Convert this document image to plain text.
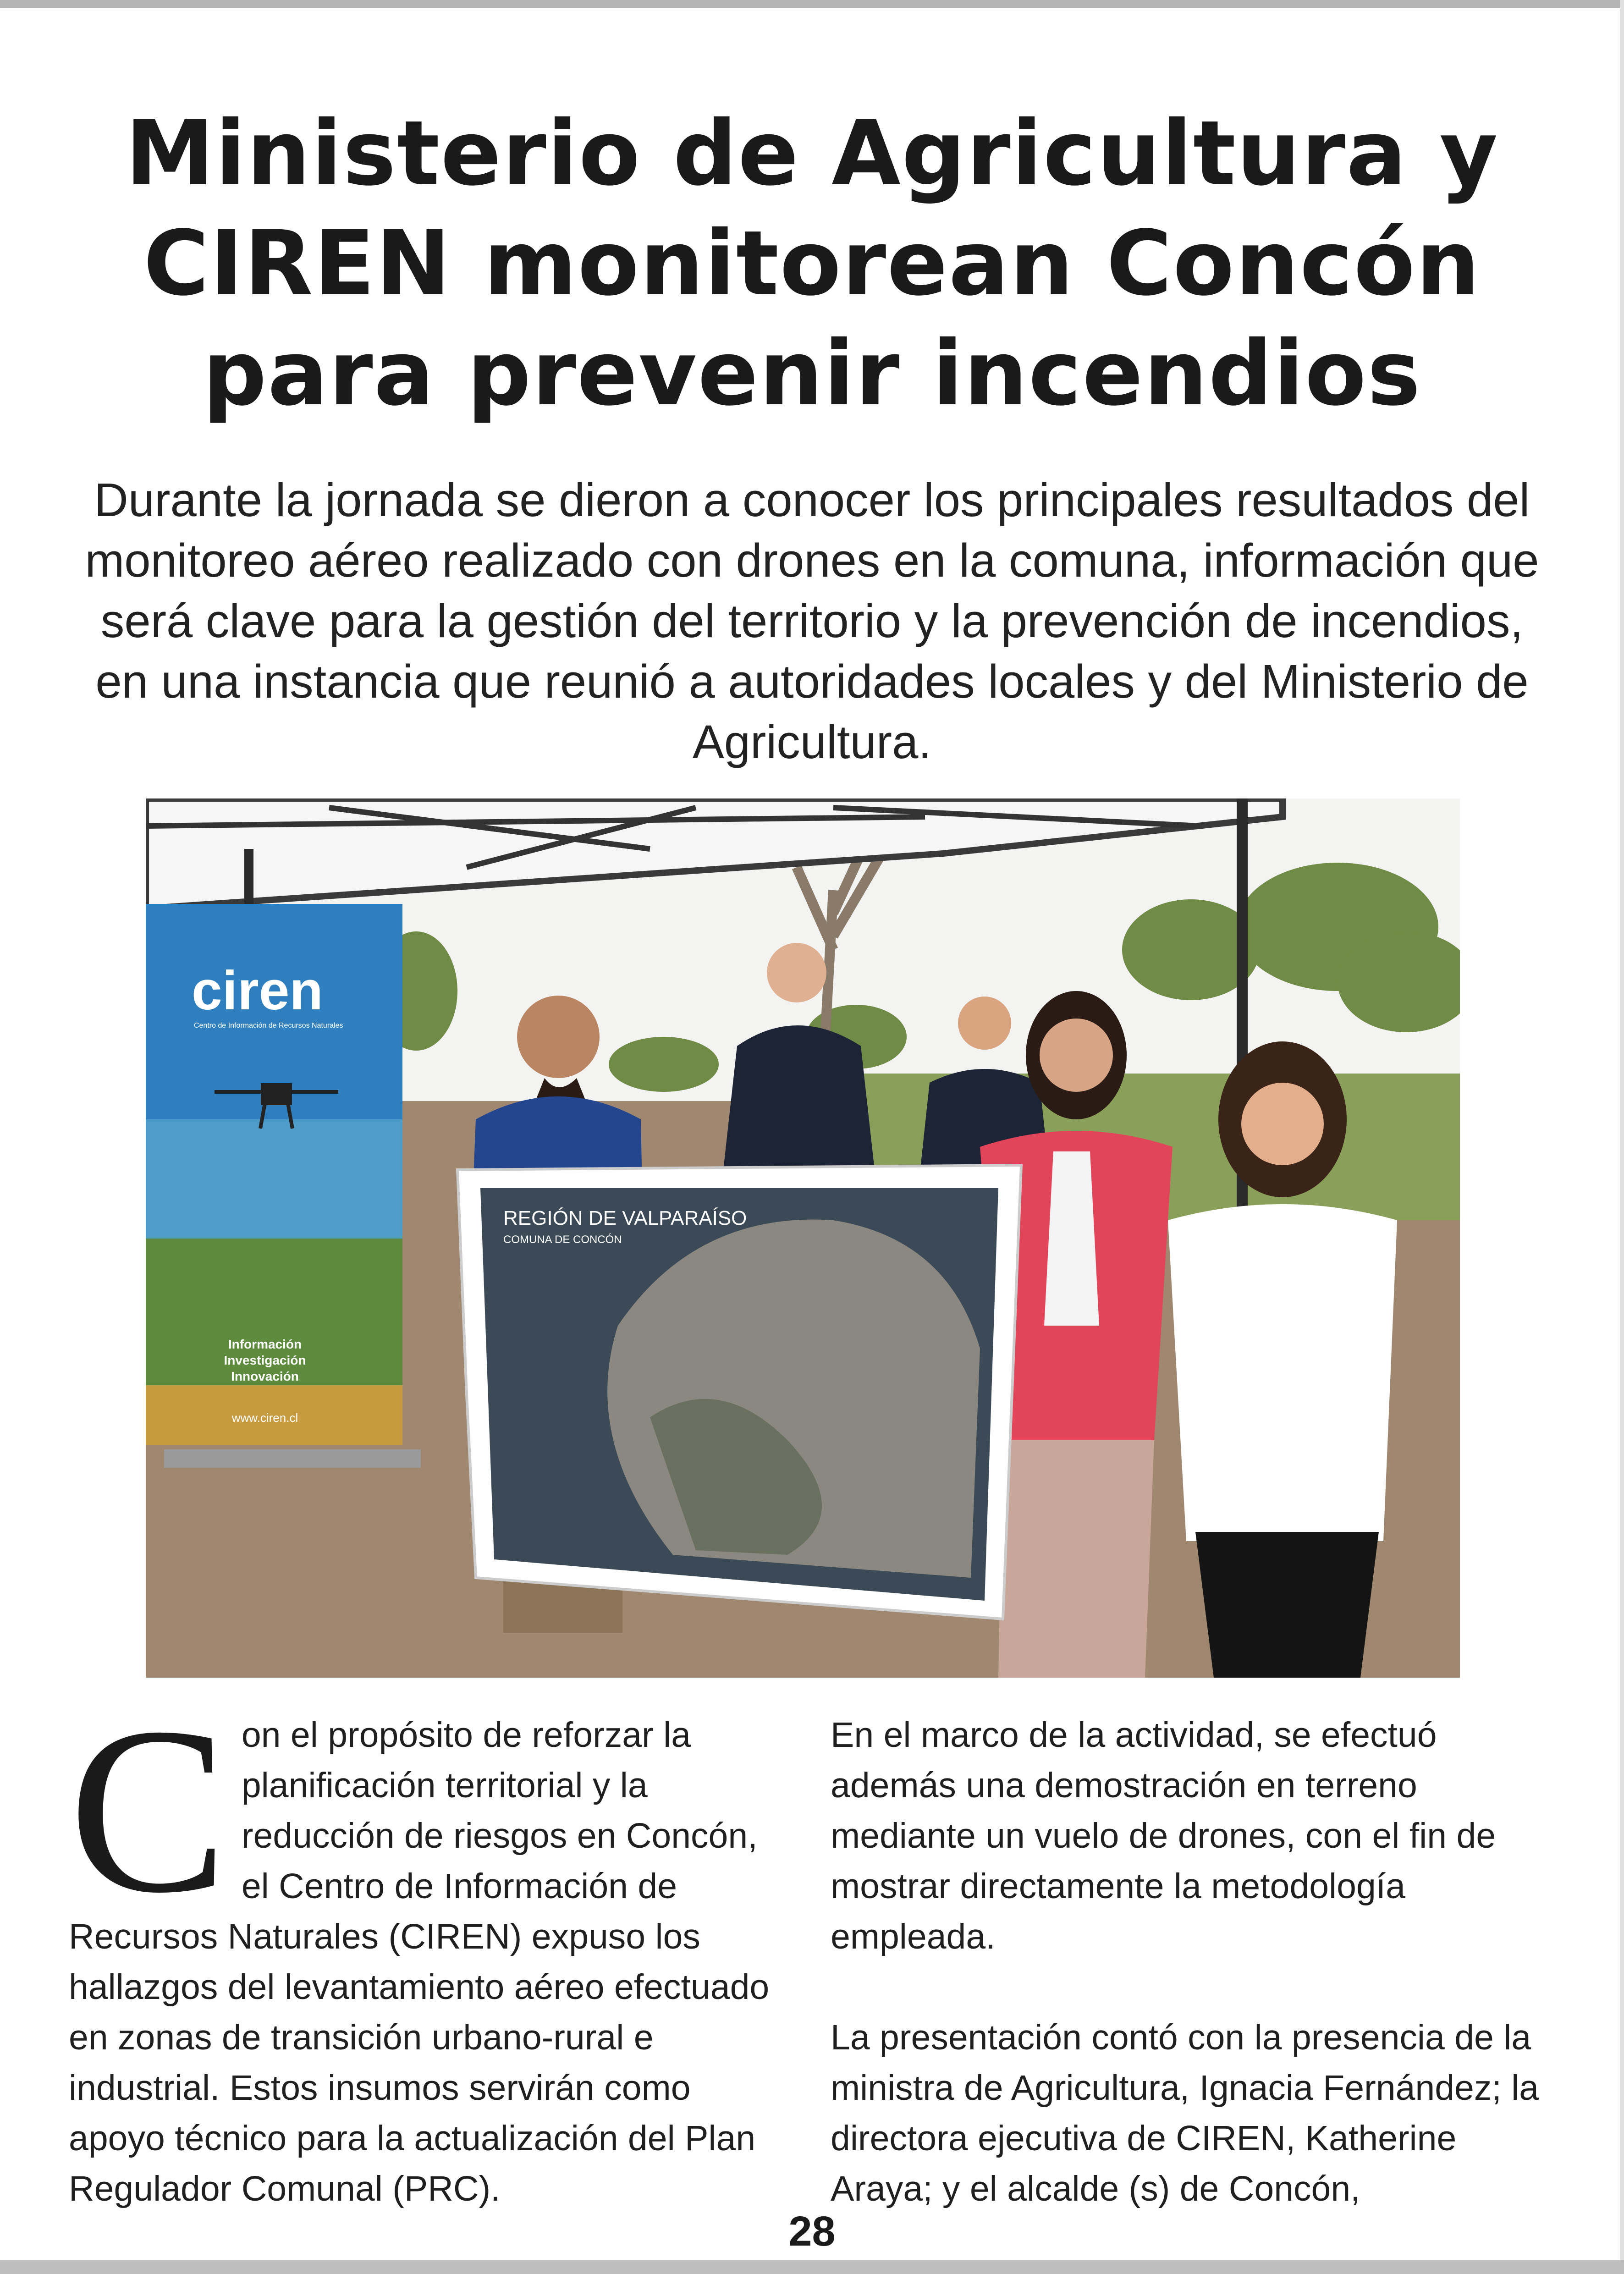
Ministerio de Agricultura y CIREN monitorean Concón para prevenir incendios

Durante la jornada se dieron a conocer los principales resultados del monitoreo aéreo realizado con drones en la comuna, información que será clave para la gestión del territorio y la prevención de incendios, en una instancia que reunió a autoridades locales y del Ministerio de Agricultura.

ciren
Centro de Información de Recursos Naturales
Información
Investigación
Innovación
www.ciren.cl
REGIÓN DE VALPARAÍSO
COMUNA DE CONCÓN
C on el propósito de reforzar la planificación territorial y la reducción de riesgos en Concón, el Centro de Información de Recursos Naturales (CIREN) expuso los hallazgos del levantamiento aéreo efectuado en zonas de transición urbano-rural e industrial. Estos insumos servirán como apoyo técnico para la actualización del Plan Regulador Comunal (PRC).

En el marco de la actividad, se efectuó además una demostración en terreno mediante un vuelo de drones, con el fin de mostrar directamente la metodología empleada.

La presentación contó con la presencia de la ministra de Agricultura, Ignacia Fernández; la directora ejecutiva de CIREN, Katherine Araya; y el alcalde (s) de Concón,

28
